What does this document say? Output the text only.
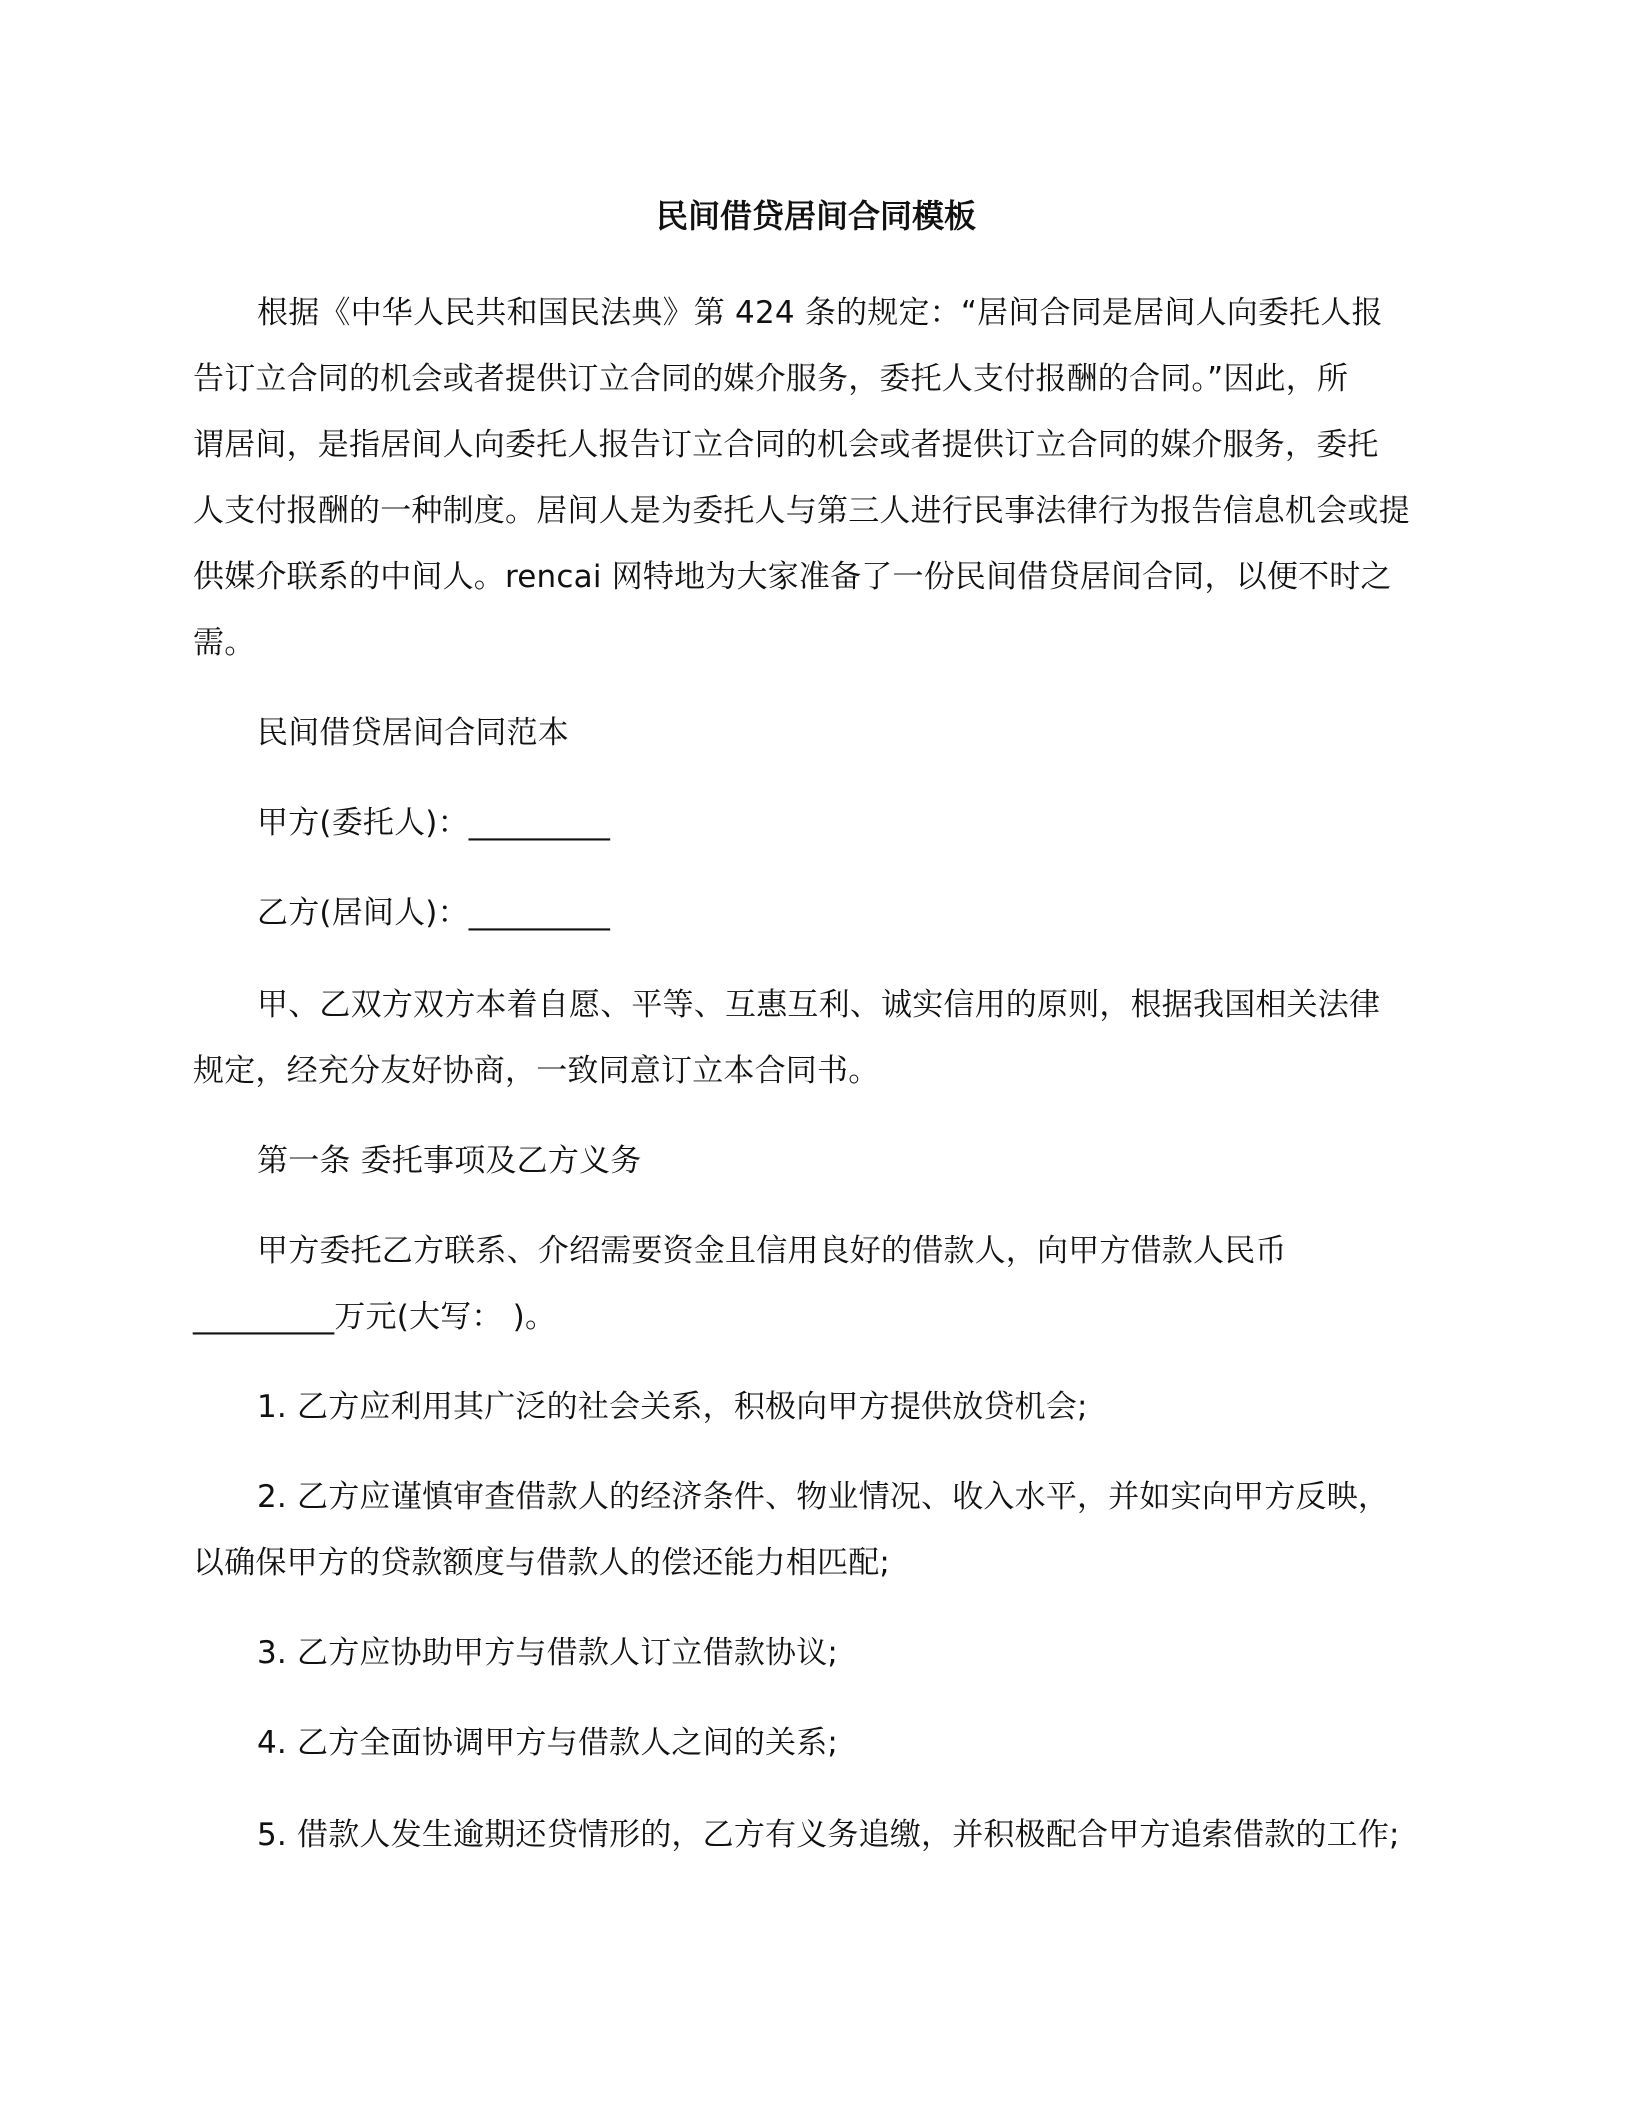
民间借贷居间合同模板
根据《中华人民共和国民法典》第 424 条的规定：“居间合同是居间人向委托人报
告订立合同的机会或者提供订立合同的媒介服务，委托人支付报酬的合同。”因此，所
谓居间，是指居间人向委托人报告订立合同的机会或者提供订立合同的媒介服务，委托
人支付报酬的一种制度。居间人是为委托人与第三人进行民事法律行为报告信息机会或提
供媒介联系的中间人。rencai 网特地为大家准备了一份民间借贷居间合同，以便不时之
需。
民间借贷居间合同范本
甲方(委托人)：_________
乙方(居间人)：_________
甲、乙双方双方本着自愿、平等、互惠互利、诚实信用的原则，根据我国相关法律
规定，经充分友好协商，一致同意订立本合同书。
第一条 委托事项及乙方义务
甲方委托乙方联系、介绍需要资金且信用良好的借款人，向甲方借款人民币
_________万元(大写： )。
1. 乙方应利用其广泛的社会关系，积极向甲方提供放贷机会;
2. 乙方应谨慎审查借款人的经济条件、物业情况、收入水平，并如实向甲方反映，
以确保甲方的贷款额度与借款人的偿还能力相匹配;
3. 乙方应协助甲方与借款人订立借款协议;
4. 乙方全面协调甲方与借款人之间的关系;
5. 借款人发生逾期还贷情形的，乙方有义务追缴，并积极配合甲方追索借款的工作;
